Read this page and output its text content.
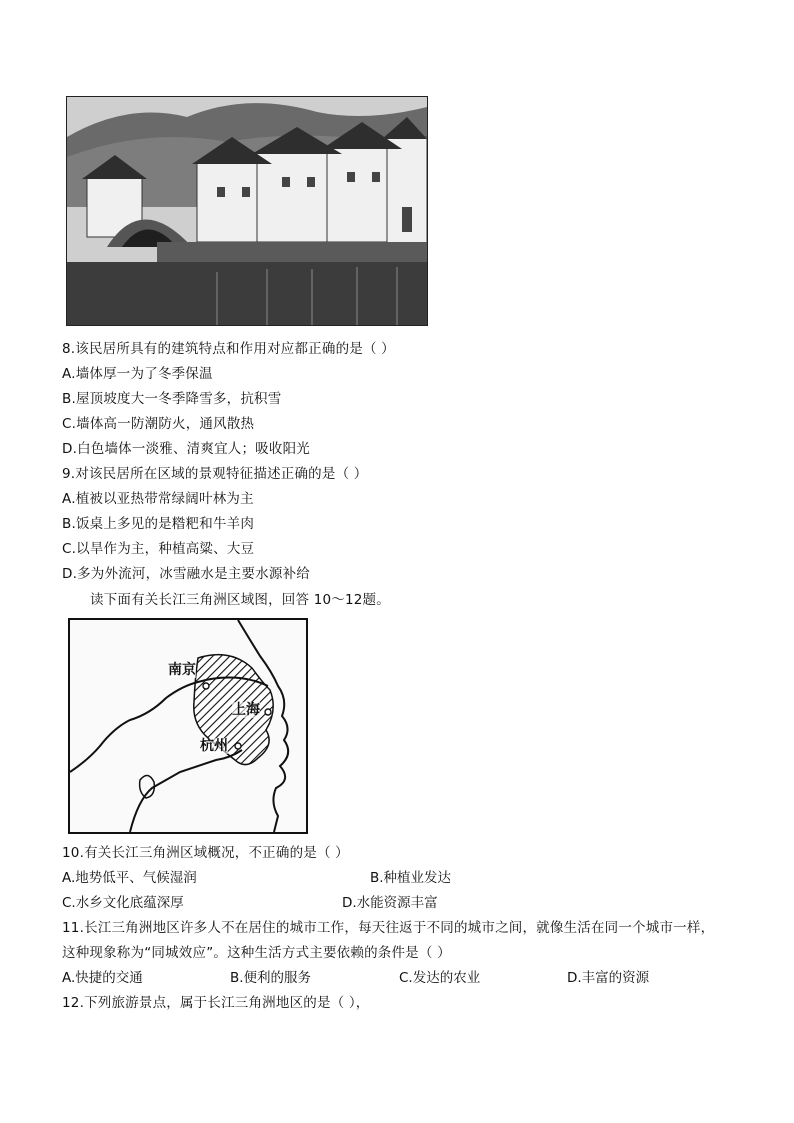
8.该民居所具有的建筑特点和作用对应都正确的是（ ）
A.墙体厚一为了冬季保温
B.屋顶坡度大一冬季降雪多，抗积雪
C.墙体高一防潮防火，通风散热
D.白色墙体一淡雅、清爽宜人；吸收阳光
9.对该民居所在区域的景观特征描述正确的是（ ）
A.植被以亚热带常绿阔叶林为主
B.饭桌上多见的是糌粑和牛羊肉
C.以旱作为主，种植高粱、大豆
D.多为外流河，冰雪融水是主要水源补给
读下面有关长江三角洲区域图，回答 10～12题。
南京
上海
杭州
10.有关长江三角洲区域概况，不正确的是（ ）
A.地势低平、气候湿润	B.种植业发达
C.水乡文化底蕴深厚	D.水能资源丰富
11.长江三角洲地区许多人不在居住的城市工作，每天往返于不同的城市之间，就像生活在同一个城市一样，
这种现象称为“同城效应”。这种生活方式主要依赖的条件是（ ）
A.快捷的交通	B.便利的服务	C.发达的农业	D.丰富的资源
12.下列旅游景点，属于长江三角洲地区的是（ ），
